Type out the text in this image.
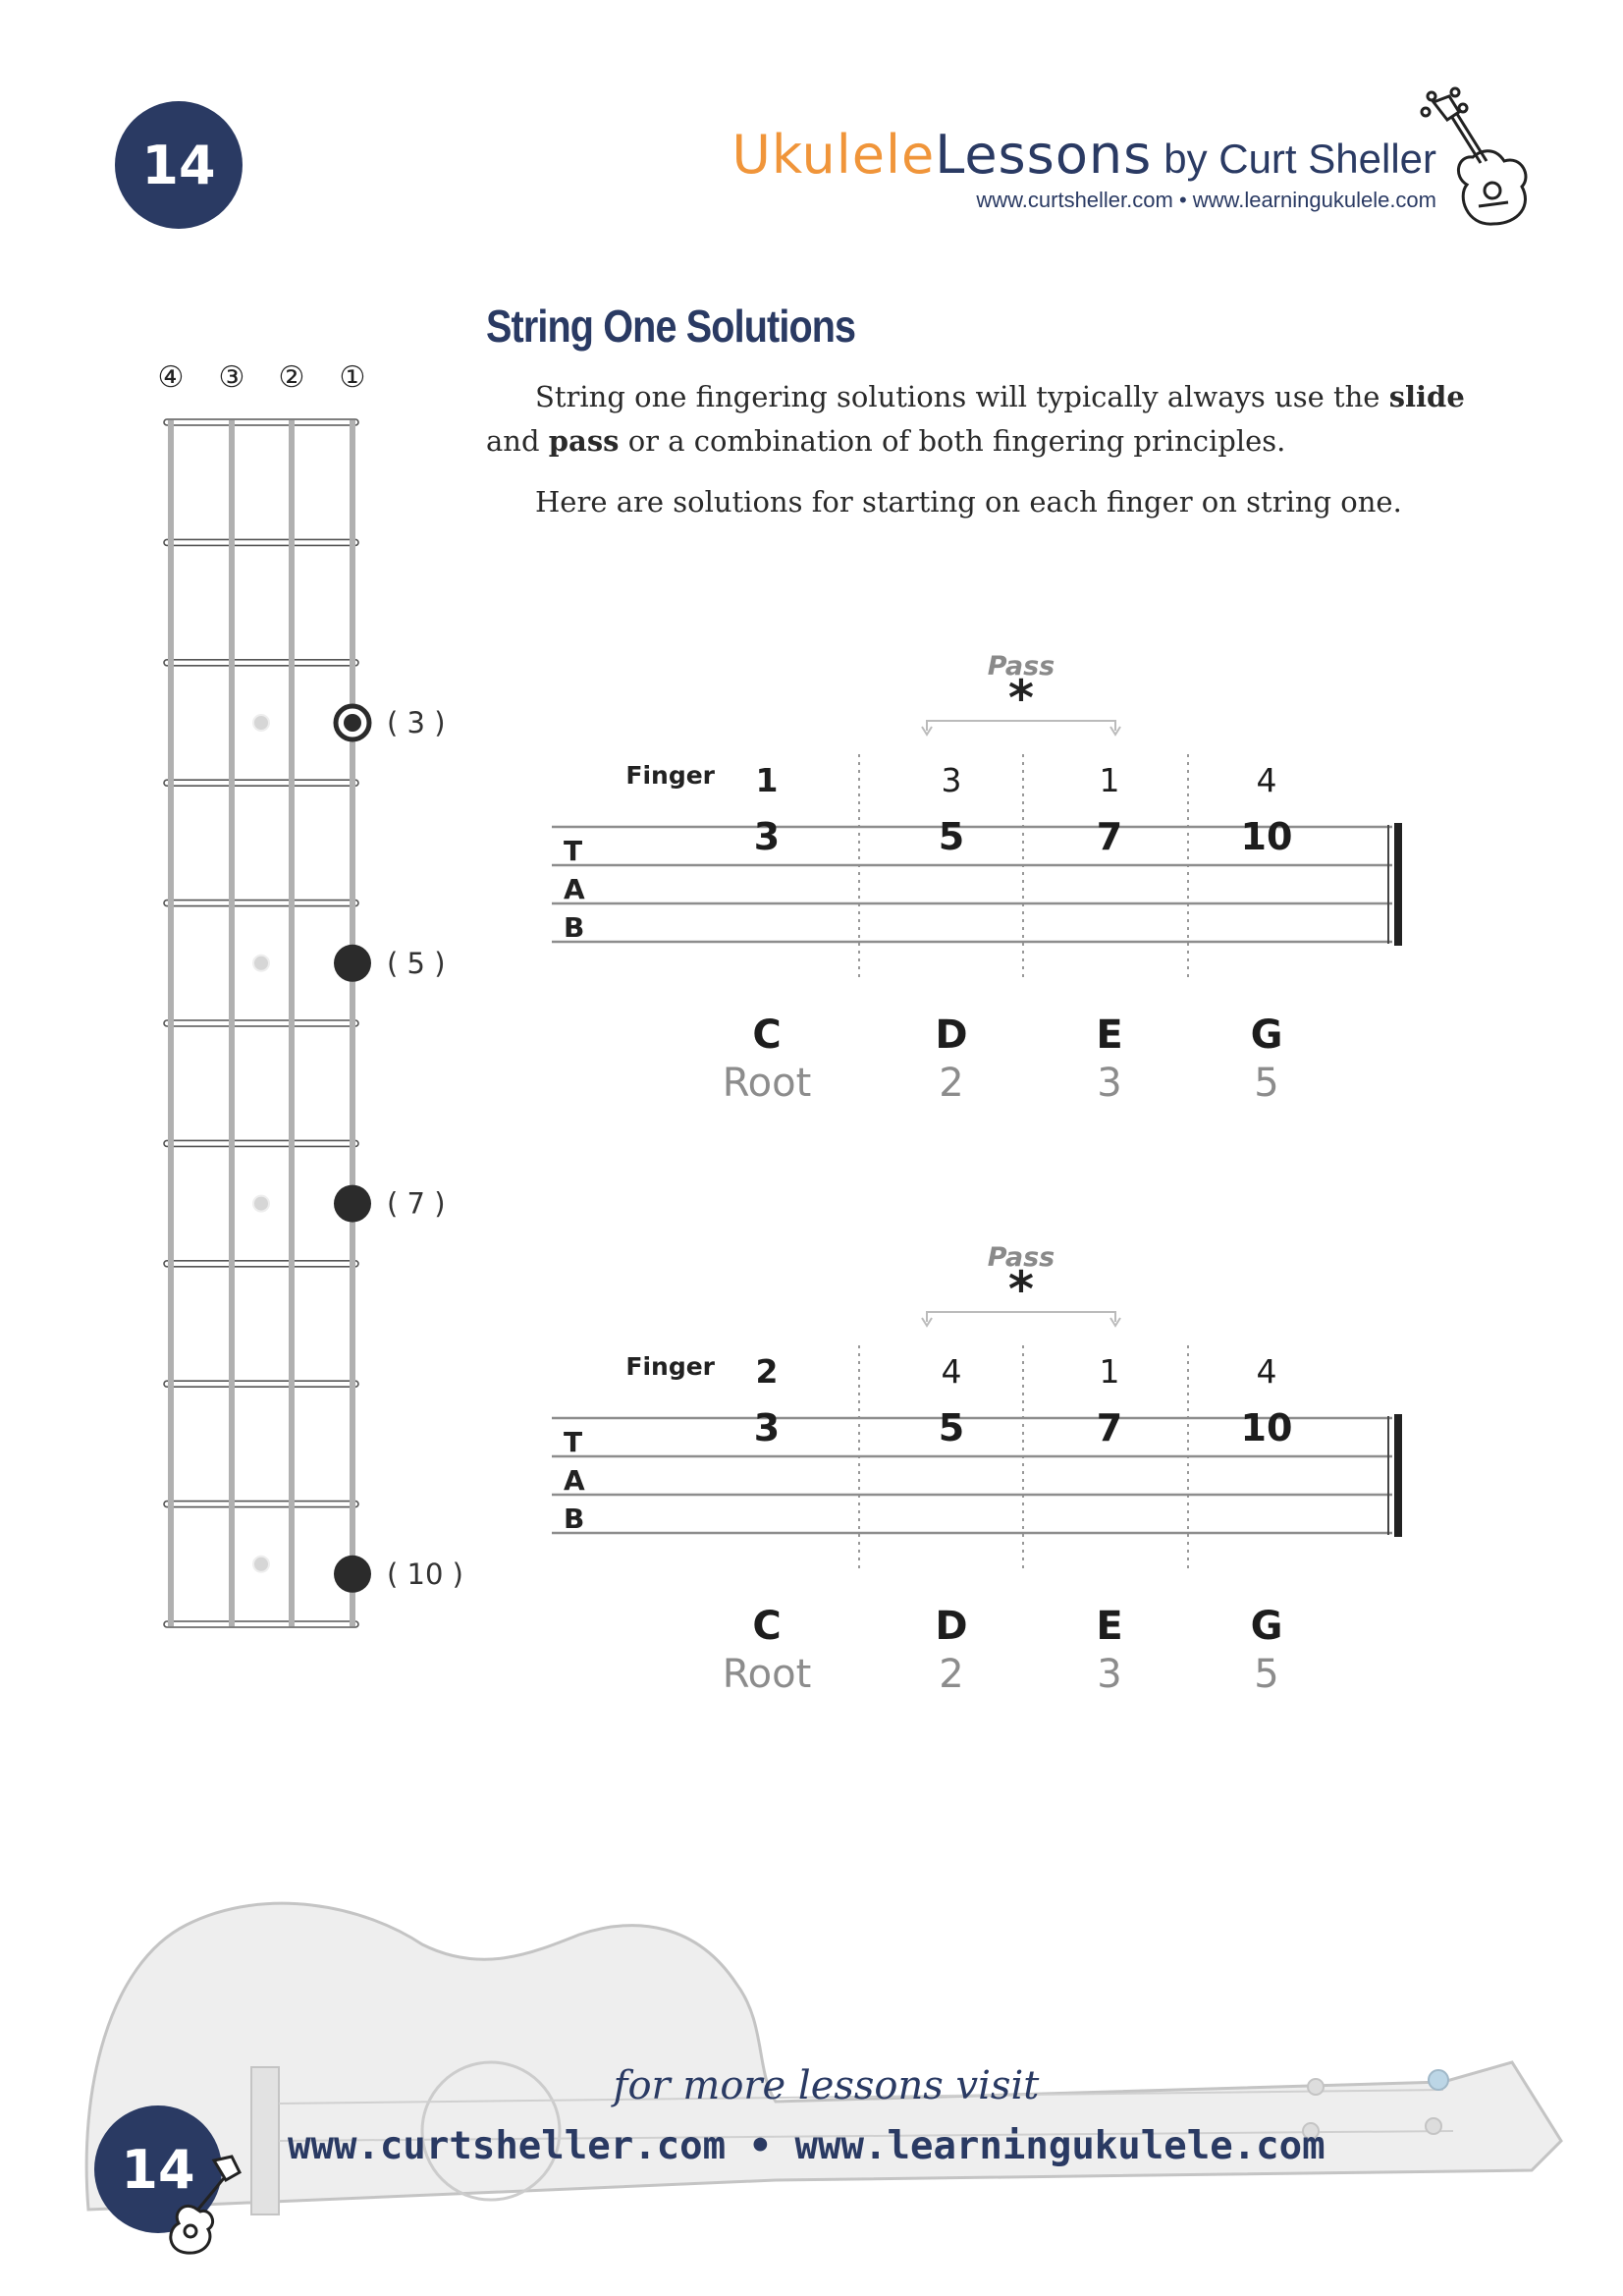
14	UkuleleLessons by Curt Sheller
www.curtsheller.com • www.learningukulele.com
String One Solutions
String one fingering solutions will typically always use the slide
and pass or a combination of both fingering principles.
Here are solutions for starting on each finger on string one.
④ ③ ② ①
( 3 )
( 5 )
( 7 )
( 10 )
Pass
*
Finger
T
A
B
1
3
C
Root
3
5
D
2
1
7
E
3
4
10
G
5
Pass
*
Finger
T
A
B
2
3
C
Root
4
5
D
2
1
7
E
3
4
10
G
5
for more lessons visit
www.curtsheller.com • www.learningukulele.com
14
